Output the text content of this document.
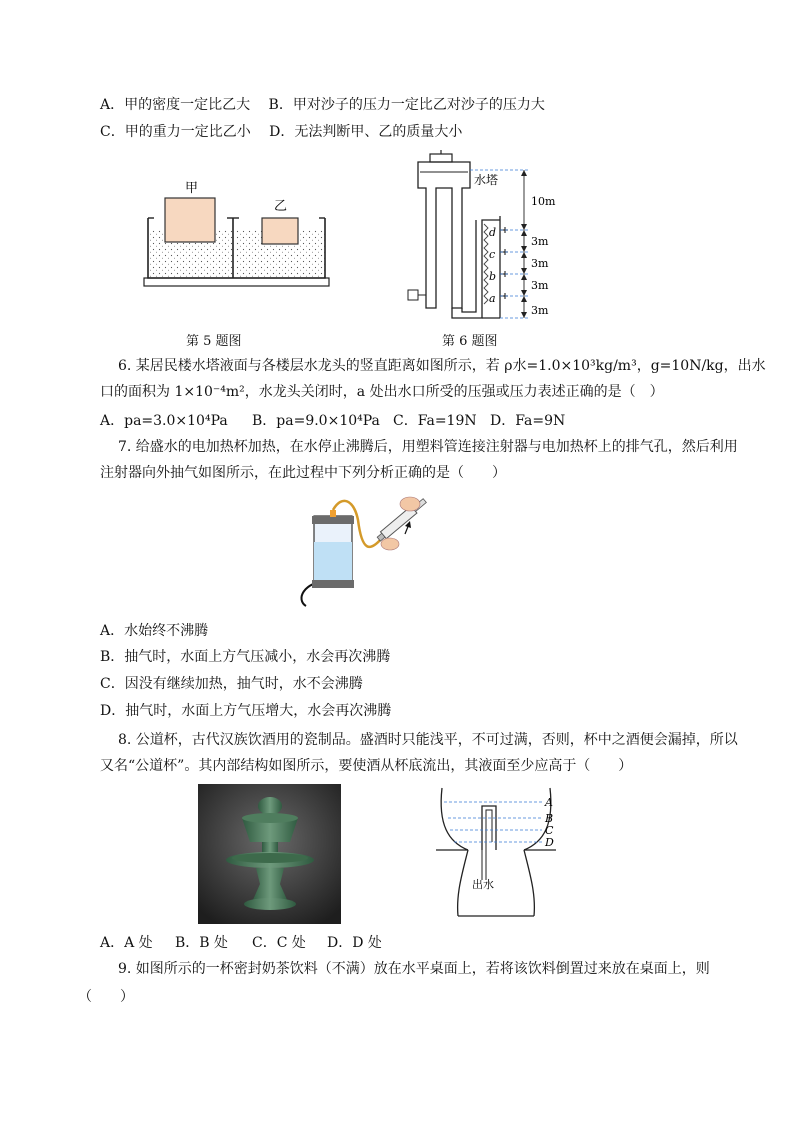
A．甲的密度一定比乙大　 B．甲对沙子的压力一定比乙对沙子的压力大
C．甲的重力一定比乙小　 D．无法判断甲、乙的质量大小
甲
乙
第 5 题图
水塔
10m
3m
3m
3m
3m
d
c
b
a
第 6 题图
6. 某居民楼水塔液面与各楼层水龙头的竖直距离如图所示，若 ρ水=1.0×10³kg/m³，g=10N/kg，出水
口的面积为 1×10⁻⁴m²，水龙头关闭时，a 处出水口所受的压强或压力表述正确的是（　）
A．pa=3.0×10⁴Pa B．pa=9.0×10⁴Pa C．Fa=19N D．Fa=9N
7. 给盛水的电加热杯加热，在水停止沸腾后，用塑料管连接注射器与电加热杯上的排气孔，然后利用
注射器向外抽气如图所示，在此过程中下列分析正确的是（　　）
A．水始终不沸腾
B．抽气时，水面上方气压减小，水会再次沸腾
C．因没有继续加热，抽气时，水不会沸腾
D．抽气时，水面上方气压增大，水会再次沸腾
8. 公道杯，古代汉族饮酒用的瓷制品。盛酒时只能浅平，不可过满，否则，杯中之酒便会漏掉，所以
又名“公道杯”。其内部结构如图所示，要使酒从杯底流出，其液面至少应高于（　　）
A
B
C
D
出水
A．A 处 B．B 处 C．C 处 D．D 处
9. 如图所示的一杯密封奶茶饮料（不满）放在水平桌面上，若将该饮料倒置过来放在桌面上，则
（　　）
